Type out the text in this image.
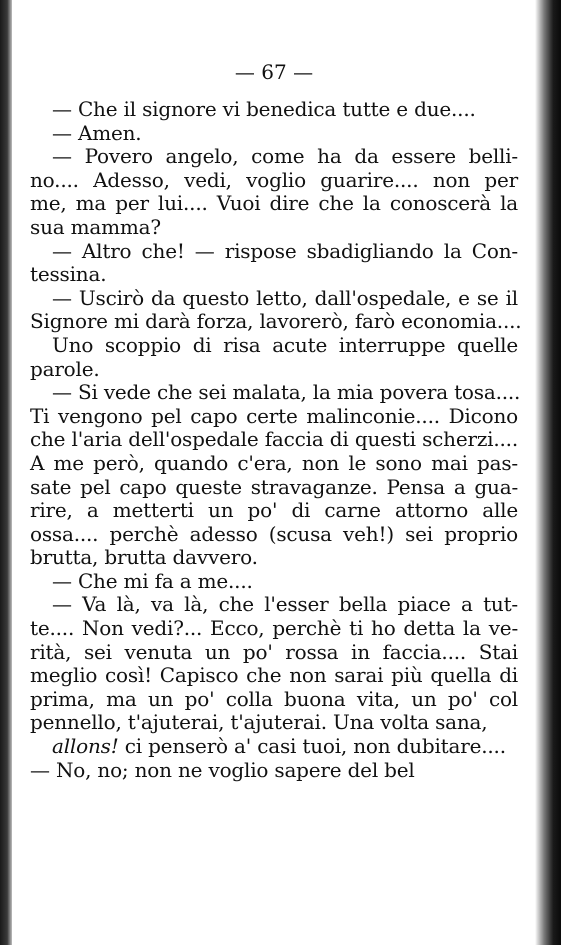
— 67 —
— Che il signore vi benedica tutte e due....
— Amen.
— Povero angelo, come ha da essere belli-
no.... Adesso, vedi, voglio guarire.... non per
me, ma per lui.... Vuoi dire che la conoscerà la
sua mamma?
— Altro che! — rispose sbadigliando la Con-
tessina.
— Uscirò da questo letto, dall'ospedale, e se il
Signore mi darà forza, lavorerò, farò economia....
Uno scoppio di risa acute interruppe quelle
parole.
— Si vede che sei malata, la mia povera tosa....
Ti vengono pel capo certe malinconie.... Dicono
che l'aria dell'ospedale faccia di questi scherzi....
A me però, quando c'era, non le sono mai pas-
sate pel capo queste stravaganze. Pensa a gua-
rire, a metterti un po' di carne attorno alle
ossa.... perchè adesso (scusa veh!) sei proprio
brutta, brutta davvero.
— Che mi fa a me....
— Va là, va là, che l'esser bella piace a tut-
te.... Non vedi?... Ecco, perchè ti ho detta la ve-
rità, sei venuta un po' rossa in faccia.... Stai
meglio così! Capisco che non sarai più quella di
prima, ma un po' colla buona vita, un po' col
pennello, t'ajuterai, t'ajuterai. Una volta sana,
allons! ci penserò a' casi tuoi, non dubitare....
— No, no; non ne voglio sapere del bel
